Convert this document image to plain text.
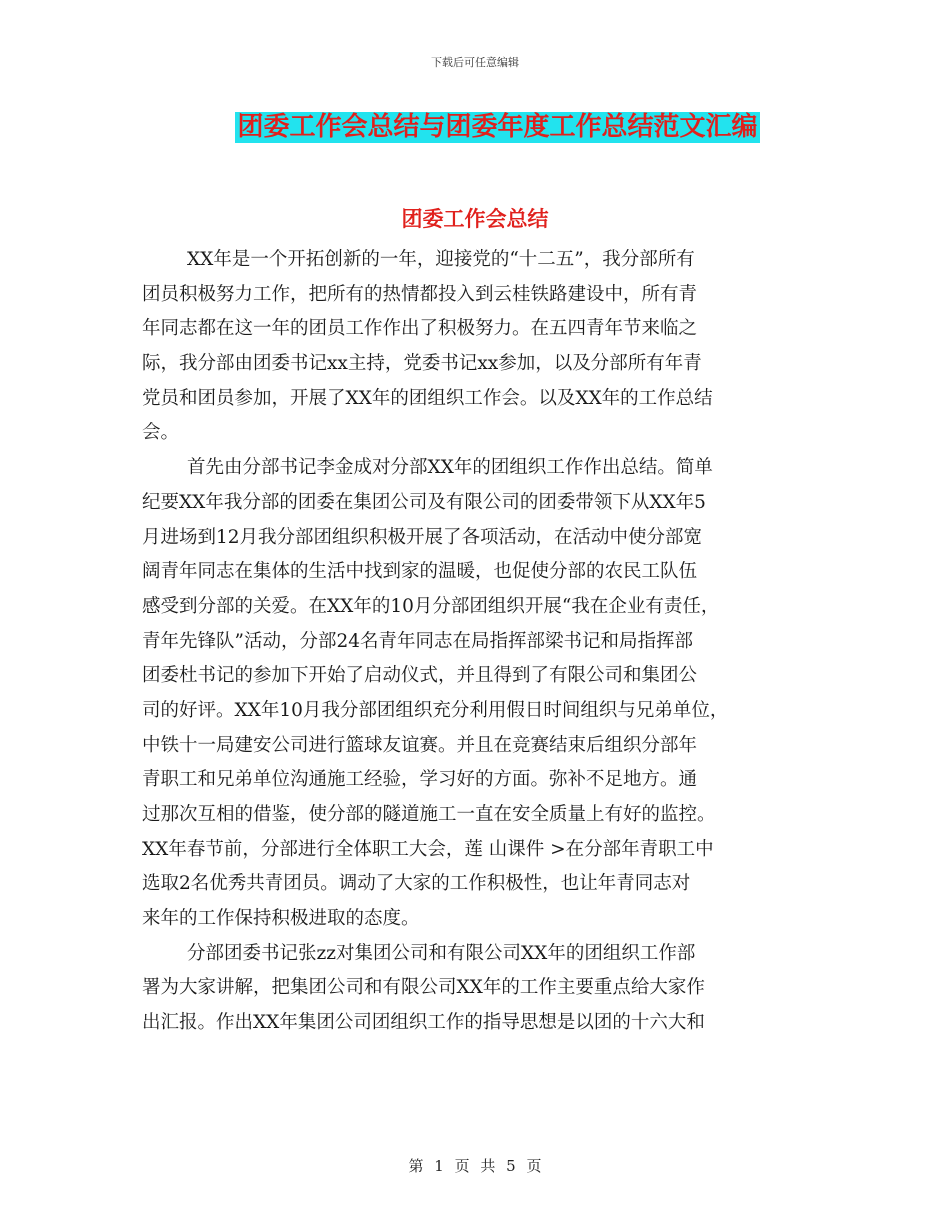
下载后可任意编辑
团委工作会总结与团委年度工作总结范文汇编
团委工作会总结
XX年是一个开拓创新的一年，迎接党的“十二五”，我分部所有
团员积极努力工作，把所有的热情都投入到云桂铁路建设中，所有青
年同志都在这一年的团员工作作出了积极努力。在五四青年节来临之
际，我分部由团委书记xx主持，党委书记xx参加，以及分部所有年青
党员和团员参加，开展了XX年的团组织工作会。以及XX年的工作总结
会。
首先由分部书记李金成对分部XX年的团组织工作作出总结。简单
纪要XX年我分部的团委在集团公司及有限公司的团委带领下从XX年5
月进场到12月我分部团组织积极开展了各项活动，在活动中使分部宽
阔青年同志在集体的生活中找到家的温暖，也促使分部的农民工队伍
感受到分部的关爱。在XX年的10月分部团组织开展“我在企业有责任，
青年先锋队”活动，分部24名青年同志在局指挥部梁书记和局指挥部
团委杜书记的参加下开始了启动仪式，并且得到了有限公司和集团公
司的好评。XX年10月我分部团组织充分利用假日时间组织与兄弟单位，
中铁十一局建安公司进行篮球友谊赛。并且在竞赛结束后组织分部年
青职工和兄弟单位沟通施工经验，学习好的方面。弥补不足地方。通
过那次互相的借鉴，使分部的隧道施工一直在安全质量上有好的监控。
XX年春节前，分部进行全体职工大会，莲 山课件 >在分部年青职工中
选取2名优秀共青团员。调动了大家的工作积极性，也让年青同志对
来年的工作保持积极进取的态度。
分部团委书记张zz对集团公司和有限公司XX年的团组织工作部
署为大家讲解，把集团公司和有限公司XX年的工作主要重点给大家作
出汇报。作出XX年集团公司团组织工作的指导思想是以团的十六大和
第 1 页 共 5 页
